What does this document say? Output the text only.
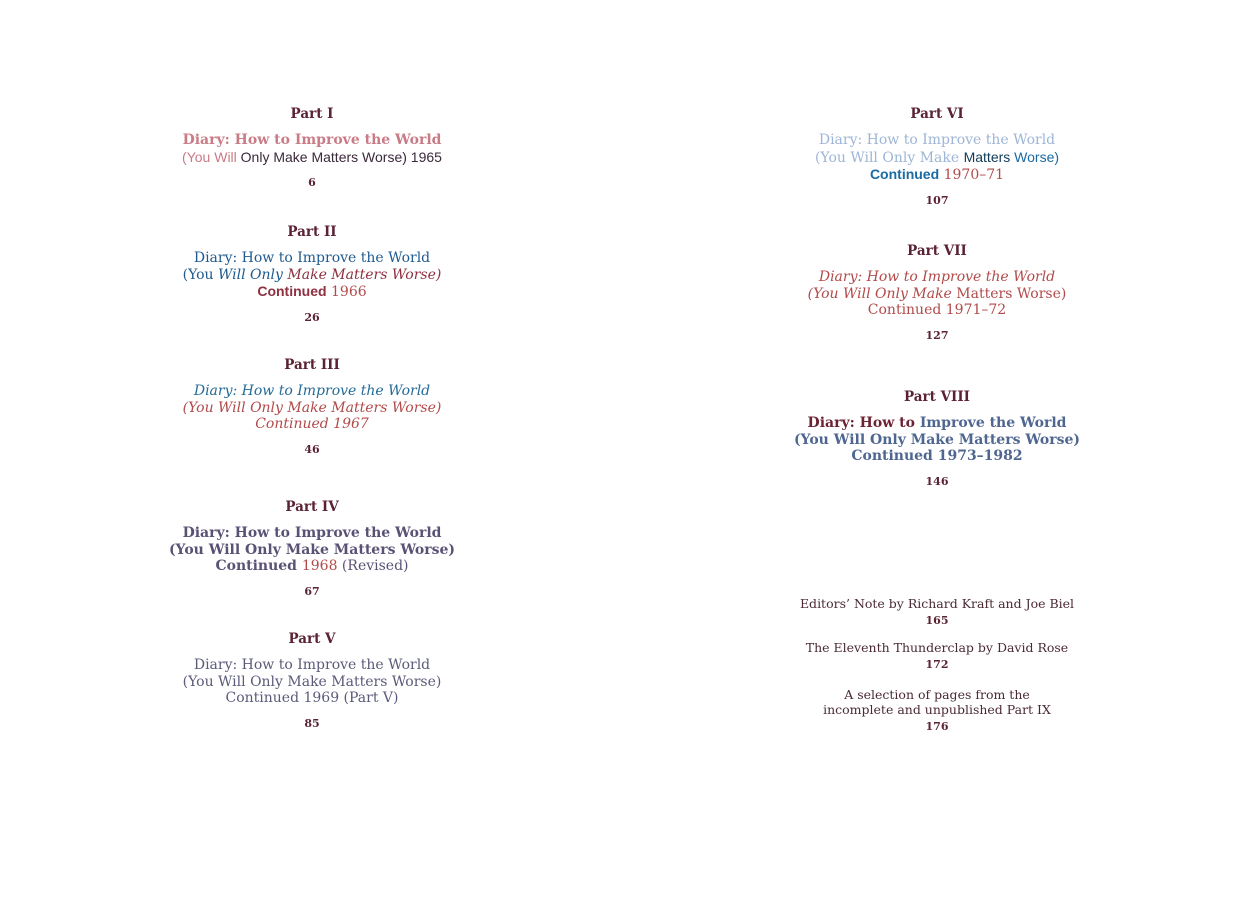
Part I
Diary: How to Improve the World
(You Will Only Make Matters Worse) 1965
6
Part II
Diary: How to Improve the World
(You Will Only Make Matters Worse)
Continued 1966
26
Part III
Diary: How to Improve the World
(You Will Only Make Matters Worse)
Continued 1967
46
Part IV
Diary: How to Improve the World
(You Will Only Make Matters Worse)
Continued 1968 (Revised)
67
Part V
Diary: How to Improve the World
(You Will Only Make Matters Worse)
Continued 1969 (Part V)
85
Part VI
Diary: How to Improve the World
(You Will Only Make Matters Worse)
Continued 1970–71
107
Part VII
Diary: How to Improve the World
(You Will Only Make Matters Worse)
Continued 1971–72
127
Part VIII
Diary: How to Improve the World
(You Will Only Make Matters Worse)
Continued 1973–1982
146
Editors’ Note by Richard Kraft and Joe Biel
165
The Eleventh Thunderclap by David Rose
172
A selection of pages from the
incomplete and unpublished Part IX
176
